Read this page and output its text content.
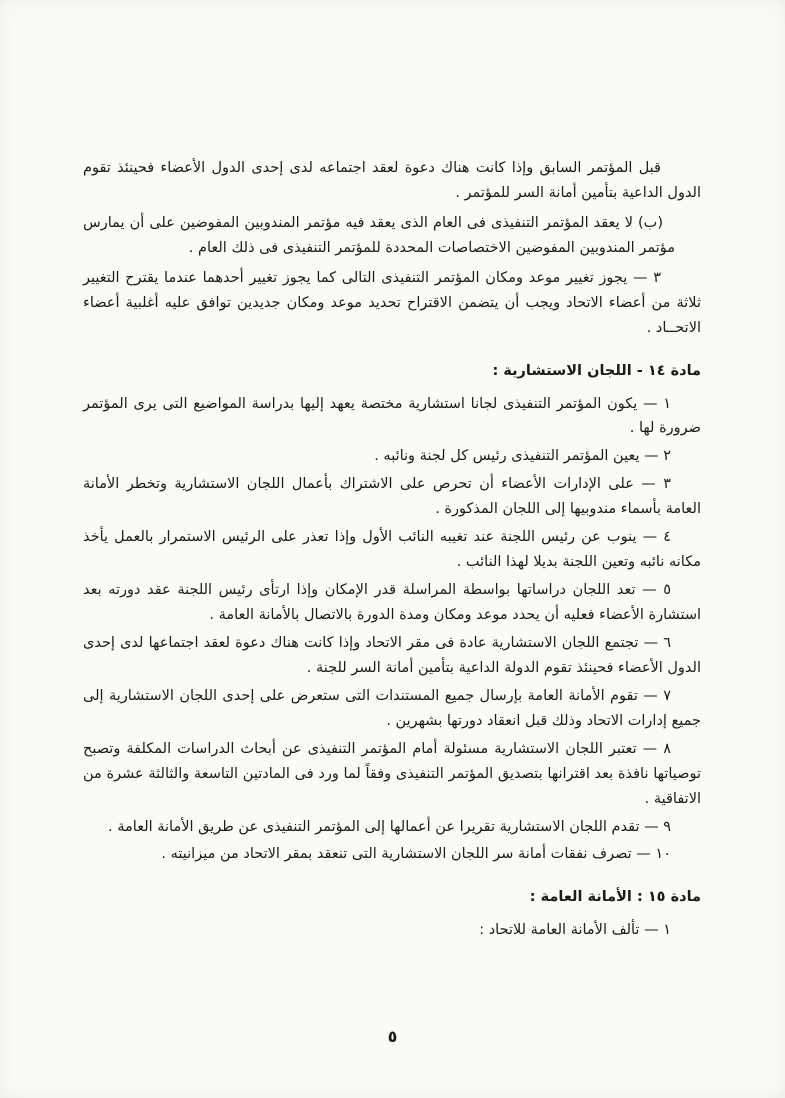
قبل المؤتمر السابق وإذا كانت هناك دعوة لعقد اجتماعه لدى إحدى الدول الأعضاء فحينئذ تقوم الدول الداعية بتأمين أمانة السر للمؤتمر .

(ب) لا يعقد المؤتمر التنفيذى فى العام الذى يعقد فيه مؤتمر المندوبين المفوضين على أن يمارس مؤتمر المندوبين المفوضين الاختصاصات المحددة للمؤتمر التنفيذى فى ذلك العام .

٣ — يجوز تغيير موعد ومكان المؤتمر التنفيذى التالى كما يجوز تغيير أحدهما عندما يقترح التغيير ثلاثة من أعضاء الاتحاد ويجب أن يتضمن الاقتراح تحديد موعد ومكان جديدين توافق عليه أغلبية أعضاء الاتحــاد .

مادة ١٤ - اللجان الاستشارية :

١ — يكون المؤتمر التنفيذى لجانا استشارية مختصة يعهد إليها بدراسة المواضيع التى يرى المؤتمر ضرورة لها .

٢ — يعين المؤتمر التنفيذى رئيس كل لجنة ونائبه .

٣ — على الإدارات الأعضاء أن تحرص على الاشتراك بأعمال اللجان الاستشارية وتخطر الأمانة العامة بأسماء مندوبيها إلى اللجان المذكورة .

٤ — ينوب عن رئيس اللجنة عند تغيبه النائب الأول وإذا تعذر على الرئيس الاستمرار بالعمل يأخذ مكانه نائبه وتعين اللجنة بديلا لهذا النائب .

٥ — تعد اللجان دراساتها بواسطة المراسلة قدر الإمكان وإذا ارتأى رئيس اللجنة عقد دورته بعد استشارة الأعضاء فعليه أن يحدد موعد ومكان ومدة الدورة بالاتصال بالأمانة العامة .

٦ — تجتمع اللجان الاستشارية عادة فى مقر الاتحاد وإذا كانت هناك دعوة لعقد اجتماعها لدى إحدى الدول الأعضاء فحينئذ تقوم الدولة الداعية بتأمين أمانة السر للجنة .

٧ — تقوم الأمانة العامة بإرسال جميع المستندات التى ستعرض على إحدى اللجان الاستشارية إلى جميع إدارات الاتحاد وذلك قبل انعقاد دورتها بشهرين .

٨ — تعتبر اللجان الاستشارية مسئولة أمام المؤتمر التنفيذى عن أبحاث الدراسات المكلفة وتصبح توصياتها نافذة بعد اقترانها بتصديق المؤتمر التنفيذى وفقاً لما ورد فى المادتين التاسعة والثالثة عشرة من الاتفاقية .

٩ — تقدم اللجان الاستشارية تقريرا عن أعمالها إلى المؤتمر التنفيذى عن طريق الأمانة العامة .

١٠ — تصرف نفقات أمانة سر اللجان الاستشارية التى تنعقد بمقر الاتحاد من ميزانيته .

مادة ١٥ : الأمانة العامة :

١ — تألف الأمانة العامة للاتحاد :

٥
